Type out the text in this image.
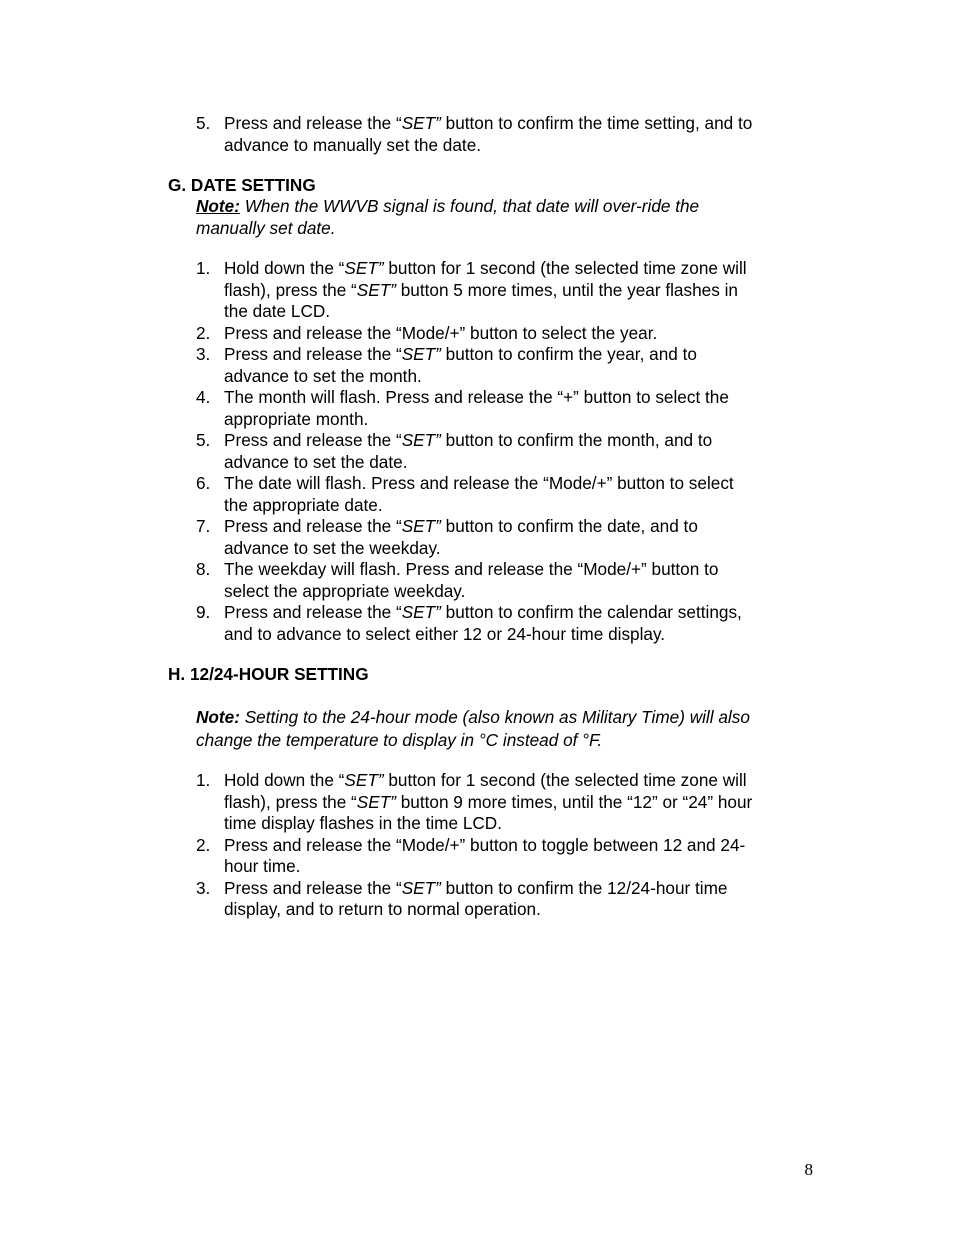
5. Press and release the “SET” button to confirm the time setting, and to
advance to manually set the date.
G. DATE SETTING
Note: When the WWVB signal is found, that date will over-ride the
manually set date.
1. Hold down the “SET” button for 1 second (the selected time zone will
flash), press the “SET” button 5 more times, until the year flashes in
the date LCD.
2. Press and release the “Mode/+” button to select the year.
3. Press and release the “SET” button to confirm the year, and to
advance to set the month.
4. The month will flash. Press and release the “+” button to select the
appropriate month.
5. Press and release the “SET” button to confirm the month, and to
advance to set the date.
6. The date will flash. Press and release the “Mode/+” button to select
the appropriate date.
7. Press and release the “SET” button to confirm the date, and to
advance to set the weekday.
8. The weekday will flash. Press and release the “Mode/+” button to
select the appropriate weekday.
9. Press and release the “SET” button to confirm the calendar settings,
and to advance to select either 12 or 24-hour time display.
H. 12/24-HOUR SETTING
Note: Setting to the 24-hour mode (also known as Military Time) will also
change the temperature to display in °C instead of °F.
1. Hold down the “SET” button for 1 second (the selected time zone will
flash), press the “SET” button 9 more times, until the “12” or “24” hour
time display flashes in the time LCD.
2. Press and release the “Mode/+” button to toggle between 12 and 24-
hour time.
3. Press and release the “SET” button to confirm the 12/24-hour time
display, and to return to normal operation.
8
